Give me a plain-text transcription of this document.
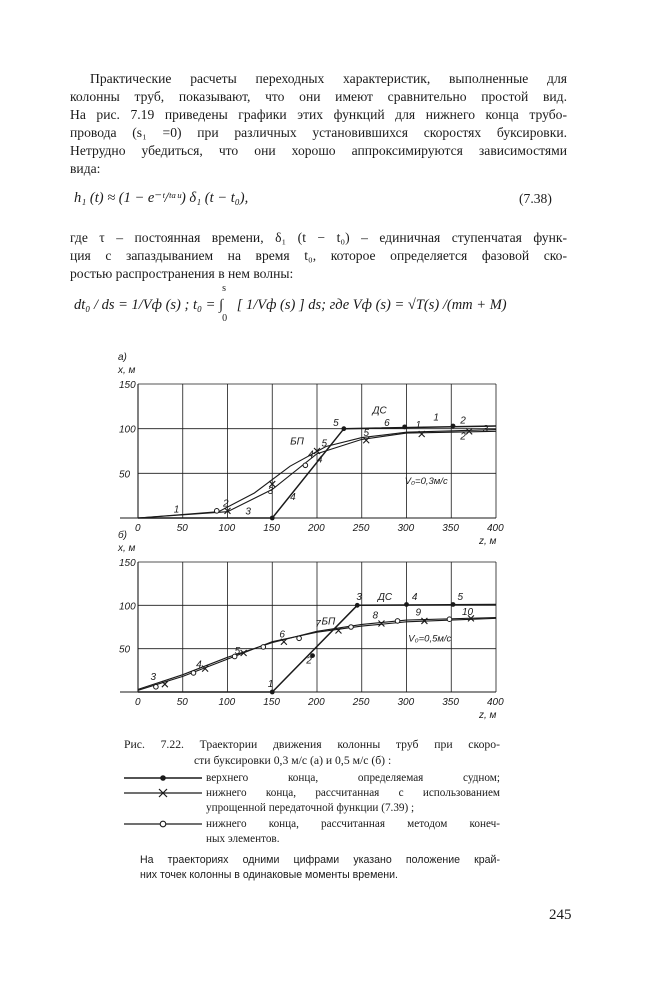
Практические расчеты переходных характеристик, выполненные для
колонны труб, показывают, что они имеют сравнительно простой вид.
На рис. 7.19 приведены графики этих функций для нижнего конца трубо-
провода (s₁ =0) при различных установившихся скоростях буксировки.
Нетрудно убедиться, что они хорошо аппроксимируются зависимостями
вида:
h₁ (t) ≈ (1 − e⁻ᵗ/ᵗᵃᵘ) δ₁ (t − t₀),	(7.38)
где τ – постоянная времени, δ₁ (t − t₀) – единичная ступенчатая функ-
ция с запаздыванием на время t₀, которое определяется фазовой ско-
ростью распространения в нем волны:
dt₀ / ds = 1/Vф (s) ; t₀ =
s
∫
0
[ 1/Vф (s) ] ds; где Vф (s) = √T(s) /(mт + M)
0	50	100	150	200	250	300	350	400
50
100
150
а)
x, м
z, м
1
2
3
4
5
1	2
3
4
5	6	1
2
3
4
5
ДС
БП
V₀=0,3м/с
0	50	100	150	200	250	300	350	400
50
100
150
б)
x, м
z, м
3
4
5
6
7
8	9	10
1
2
3	4	5
ДС
БП
V₀=0,5м/с
Рис. 7.22. Траектории движения колонны труб при скоро-
сти буксировки 0,3 м/с (а) и 0,5 м/с (б) :
верхнего конца, определяемая судном;
нижнего конца, рассчитанная с использованием
упрощенной передаточной функции (7.39) ;
нижнего конца, рассчитанная методом конеч-
ных элементов.
На траекториях одними цифрами указано положение край-
них точек колонны в одинаковые моменты времени.
245
